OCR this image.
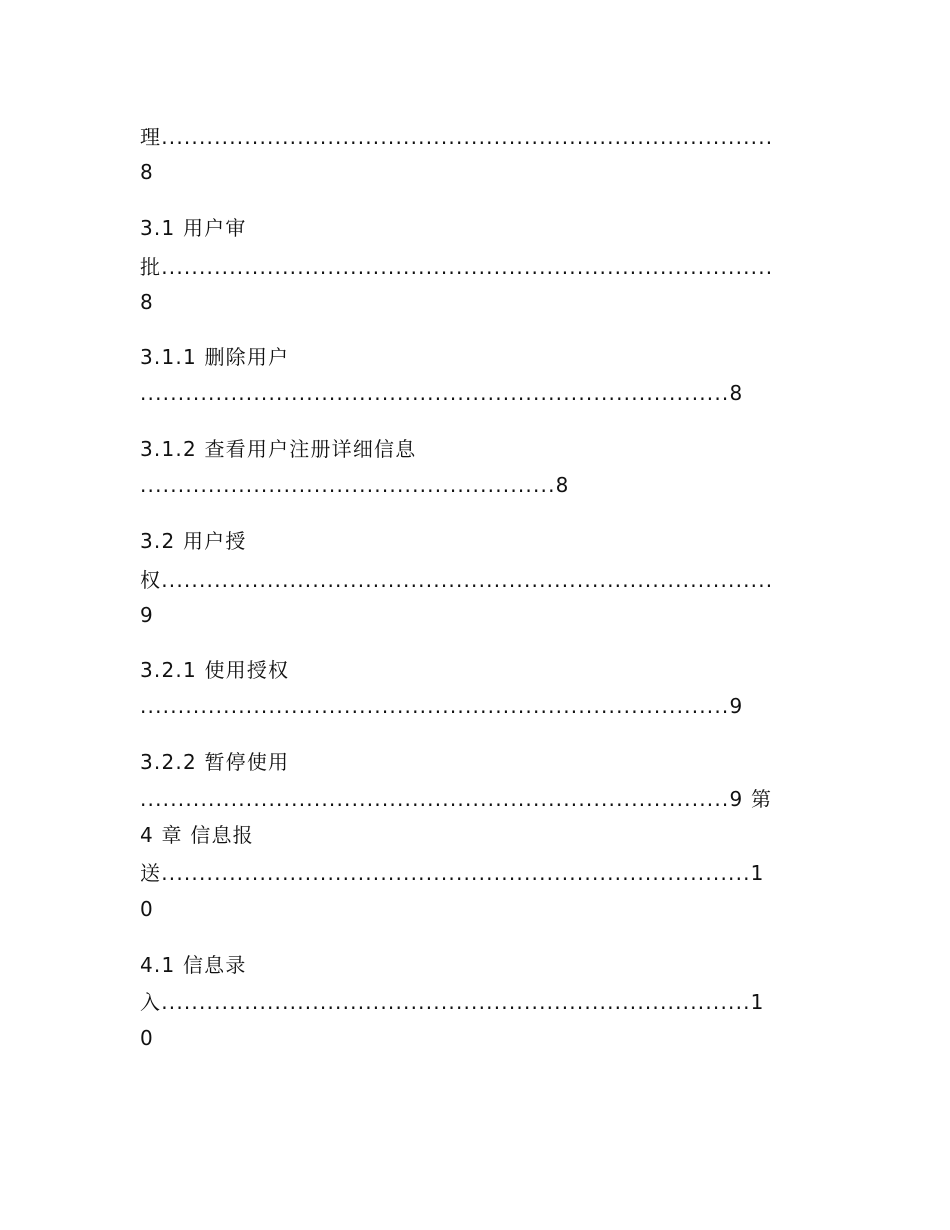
理.................................................................................
8
3.1 用户审
批.................................................................................
8
3.1.1 删除用户
..............................................................................8
3.1.2 查看用户注册详细信息
.......................................................8
3.2 用户授
权.................................................................................
9
3.2.1 使用授权
..............................................................................9
3.2.2 暂停使用
..............................................................................9 第
4 章 信息报
送..............................................................................1
0
4.1 信息录
入..............................................................................1
0
